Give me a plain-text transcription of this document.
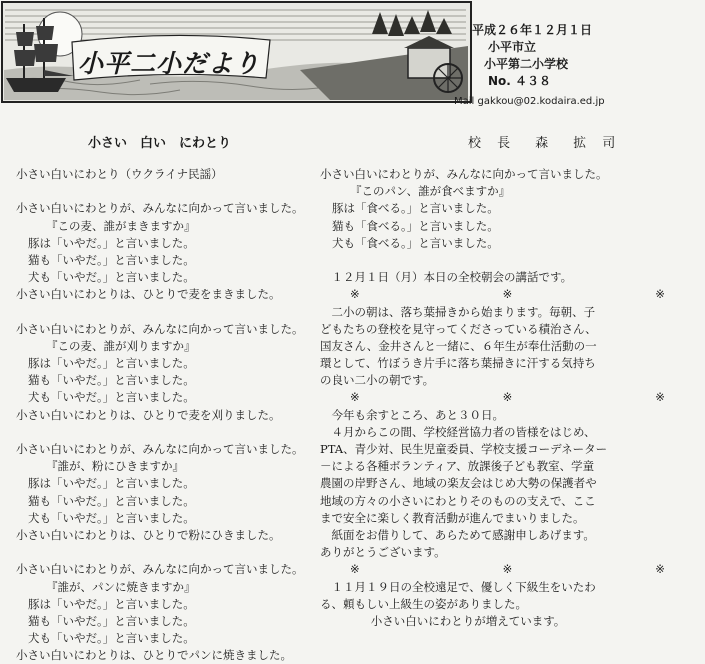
小平二小だより
平成２６年１２月１日
小平市立
小平第二小学校
No. ４３８
Mail gakkou@02.kodaira.ed.jp
小さい　白い　にわとり	校 長　森　拡 司
小さい白いにわとり（ウクライナ民謡）
小さい白いにわとりが、みんなに向かって言いました。
『この麦、誰がまきますか』
豚は「いやだ。」と言いました。
猫も「いやだ。」と言いました。
犬も「いやだ。」と言いました。
小さい白いにわとりは、ひとりで麦をまきました。
小さい白いにわとりが、みんなに向かって言いました。
『この麦、誰が刈りますか』
豚は「いやだ。」と言いました。
猫も「いやだ。」と言いました。
犬も「いやだ。」と言いました。
小さい白いにわとりは、ひとりで麦を刈りました。
小さい白いにわとりが、みんなに向かって言いました。
『誰が、粉にひきますか』
豚は「いやだ。」と言いました。
猫も「いやだ。」と言いました。
犬も「いやだ。」と言いました。
小さい白いにわとりは、ひとりで粉にひきました。
小さい白いにわとりが、みんなに向かって言いました。
『誰が、パンに焼きますか』
豚は「いやだ。」と言いました。
猫も「いやだ。」と言いました。
犬も「いやだ。」と言いました。
小さい白いにわとりは、ひとりでパンに焼きました。
小さい白いにわとりが、みんなに向かって言いました。
『このパン、誰が食べますか』
豚は「食べる。」と言いました。
猫も「食べる。」と言いました。
犬も「食べる。」と言いました。
　１２月１日（月）本日の全校朝会の講話です。
※　　※　　※
　二小の朝は、落ち葉掃きから始まります。毎朝、子
どもたちの登校を見守ってくださっている積治さん、
国友さん、金井さんと一緒に、６年生が奉仕活動の一
環として、竹ぼうき片手に落ち葉掃きに汗する気持ち
の良い二小の朝です。
※　　※　　※
　今年も余すところ、あと３０日。
　４月からこの間、学校経営協力者の皆様をはじめ、
PTA、青少対、民生児童委員、学校支援コーデネーター
－による各種ボランティア、放課後子ども教室、学童
農園の岸野さん、地域の楽友会はじめ大勢の保護者や
地域の方々の小さいにわとりそのものの支えで、ここ
まで安全に楽しく教育活動が進んでまいりました。
　紙面をお借りして、あらためて感謝申しあげます。
ありがとうございます。
※　　※　　※
　１１月１９日の全校遠足で、優しく下級生をいたわ
る、頼もしい上級生の姿がありました。
小さい白いにわとりが増えています。
